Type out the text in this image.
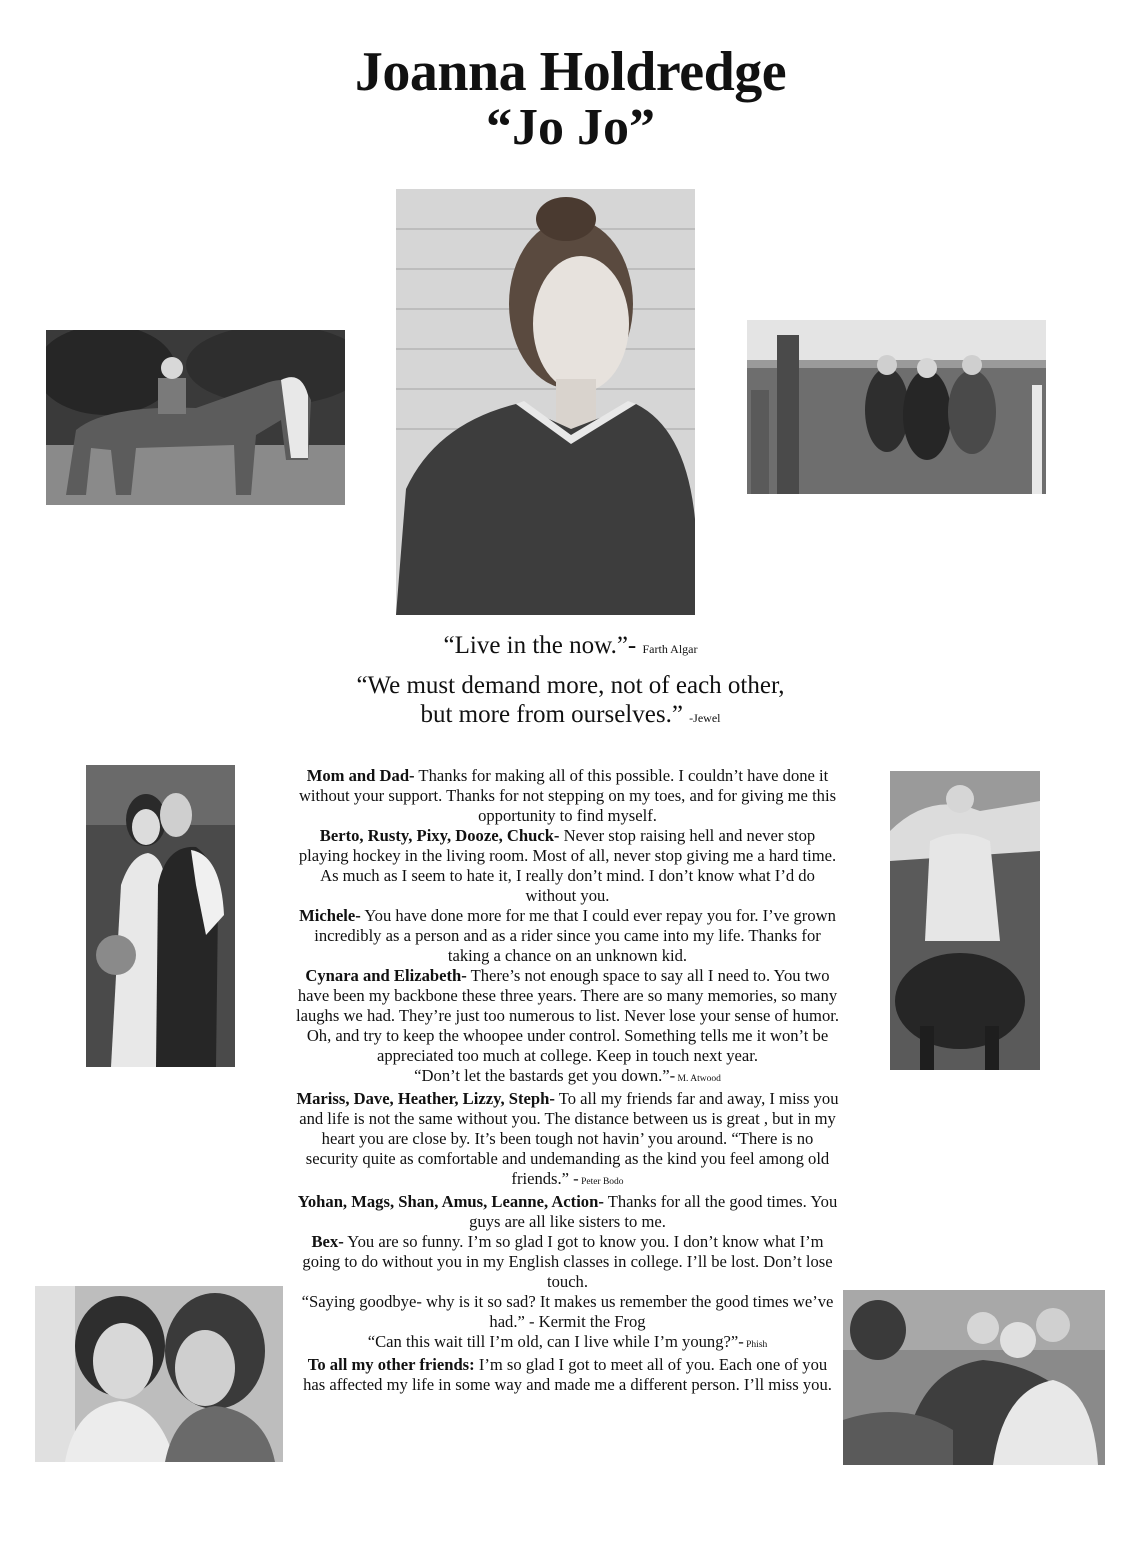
Joanna Holdredge
“Jo Jo”
“Live in the now.”- Farth Algar
“We must demand more, not of each other,
but more from ourselves.” -Jewel
Mom and Dad- Thanks for making all of this possible. I couldn’t have done it without your support. Thanks for not stepping on my toes, and for giving me this opportunity to find myself.
Berto, Rusty, Pixy, Dooze, Chuck- Never stop raising hell and never stop playing hockey in the living room. Most of all, never stop giving me a hard time. As much as I seem to hate it, I really don’t mind. I don’t know what I’d do without you.
Michele- You have done more for me that I could ever repay you for. I’ve grown incredibly as a person and as a rider since you came into my life. Thanks for taking a chance on an unknown kid.
Cynara and Elizabeth- There’s not enough space to say all I need to. You two have been my backbone these three years. There are so many memories, so many laughs we had. They’re just too numerous to list. Never lose your sense of humor. Oh, and try to keep the whoopee under control. Something tells me it won’t be appreciated too much at college. Keep in touch next year.
“Don’t let the bastards get you down.”- M. Atwood
Mariss, Dave, Heather, Lizzy, Steph- To all my friends far and away, I miss you and life is not the same without you. The distance between us is great , but in my heart you are close by. It’s been tough not havin’ you around. “There is no security quite as comfortable and undemanding as the kind you feel among old friends.” - Peter Bodo
Yohan, Mags, Shan, Amus, Leanne, Action- Thanks for all the good times. You guys are all like sisters to me.
Bex- You are so funny. I’m so glad I got to know you. I don’t know what I’m going to do without you in my English classes in college. I’ll be lost. Don’t lose touch.
“Saying goodbye- why is it so sad? It makes us remember the good times we’ve had.” - Kermit the Frog
“Can this wait till I’m old, can I live while I’m young?”- Phish
To all my other friends: I’m so glad I got to meet all of you. Each one of you has affected my life in some way and made me a different person. I’ll miss you.
